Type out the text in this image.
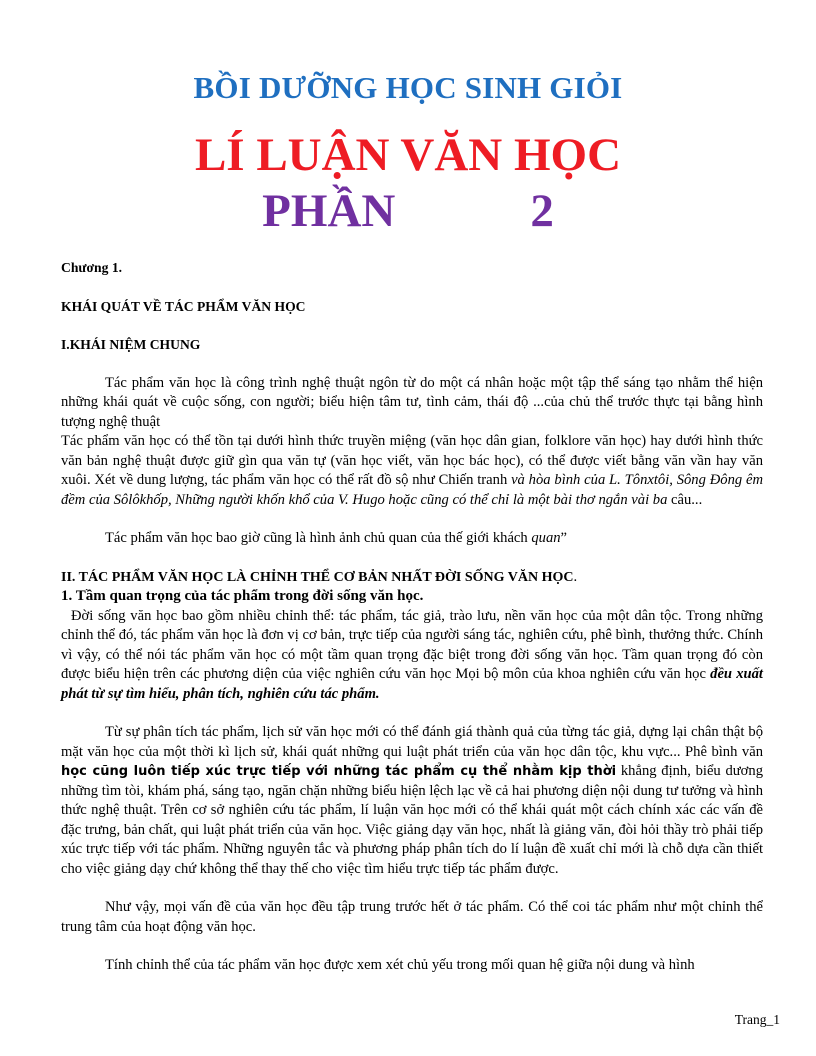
BỒI DƯỠNG HỌC SINH GIỎI
LÍ LUẬN VĂN HỌC
PHẦN    2

Chương 1.

KHÁI QUÁT VỀ TÁC PHẨM VĂN HỌC

I.KHÁI NIỆM CHUNG

Tác phẩm văn học là công trình nghệ thuật ngôn từ do một cá nhân hoặc một tập thể sáng tạo nhằm thể hiện những khái quát về cuộc sống, con người; biểu hiện tâm tư, tình cảm, thái độ ...của chủ thể trước thực tại bằng hình tượng nghệ thuật

Tác phẩm văn học có thể tồn tại dưới hình thức truyền miệng (văn học dân gian, folklore văn học) hay dưới hình thức văn bản nghệ thuật được giữ gìn qua văn tự (văn học viết, văn học bác học), có thể được viết bằng văn vần hay văn xuôi. Xét về dung lượng, tác phẩm văn học có thể rất đồ sộ như Chiến tranh và hòa bình của L. Tônxtôi, Sông Đông êm đềm của Sôlôkhốp, Những người khốn khổ của V. Hugo hoặc cũng có thể chỉ là một bài thơ ngắn vài ba câu...

Tác phẩm văn học bao giờ cũng là hình ảnh chủ quan của thế giới khách quan”

II. TÁC PHẨM VĂN HỌC LÀ CHỈNH THỂ CƠ BẢN NHẤT ĐỜI SỐNG VĂN HỌC.

1. Tầm quan trọng của tác phẩm trong đời sống văn học.

Đời sống văn học bao gồm nhiều chỉnh thể: tác phẩm, tác giả, trào lưu, nền văn học của một dân tộc. Trong những chỉnh thể đó, tác phẩm văn học là đơn vị cơ bản, trực tiếp của người sáng tác, nghiên cứu, phê bình, thưởng thức. Chính vì vậy, có thể nói tác phẩm văn học có một tầm quan trọng đặc biệt trong đời sống văn học. Tầm quan trọng đó còn được biểu hiện trên các phương diện của việc nghiên cứu văn học Mọi bộ môn của khoa nghiên cứu văn học đều xuất phát từ sự tìm hiểu, phân tích, nghiên cứu tác phẩm.

Từ sự phân tích tác phẩm, lịch sử văn học mới có thể đánh giá thành quả của từng tác giả, dựng lại chân thật bộ mặt văn học của một thời kì lịch sử, khái quát những qui luật phát triển của văn học dân tộc, khu vực... Phê bình văn học cũng luôn tiếp xúc trực tiếp với những tác phẩm cụ thể nhằm kịp thời khẳng định, biểu dương những tìm tòi, khám phá, sáng tạo, ngăn chặn những biểu hiện lệch lạc về cả hai phương diện nội dung tư tưởng và hình thức nghệ thuật. Trên cơ sở nghiên cứu tác phẩm, lí luận văn học mới có thể khái quát một cách chính xác các vấn đề đặc trưng, bản chất, qui luật phát triển của văn học. Việc giảng dạy văn học, nhất là giảng văn, đòi hỏi thầy trò phải tiếp xúc trực tiếp với tác phẩm. Những nguyên tắc và phương pháp phân tích do lí luận đề xuất chỉ mới là chỗ dựa cần thiết cho việc giảng dạy chứ không thể thay thế cho việc tìm hiểu trực tiếp tác phẩm được.

Như vậy, mọi vấn đề của văn học đều tập trung trước hết ở tác phẩm. Có thể coi tác phẩm như một chỉnh thể trung tâm của hoạt động văn học.

Tính chỉnh thể của tác phẩm văn học được xem xét chủ yếu trong mối quan hệ giữa nội dung và hình

Trang_1
